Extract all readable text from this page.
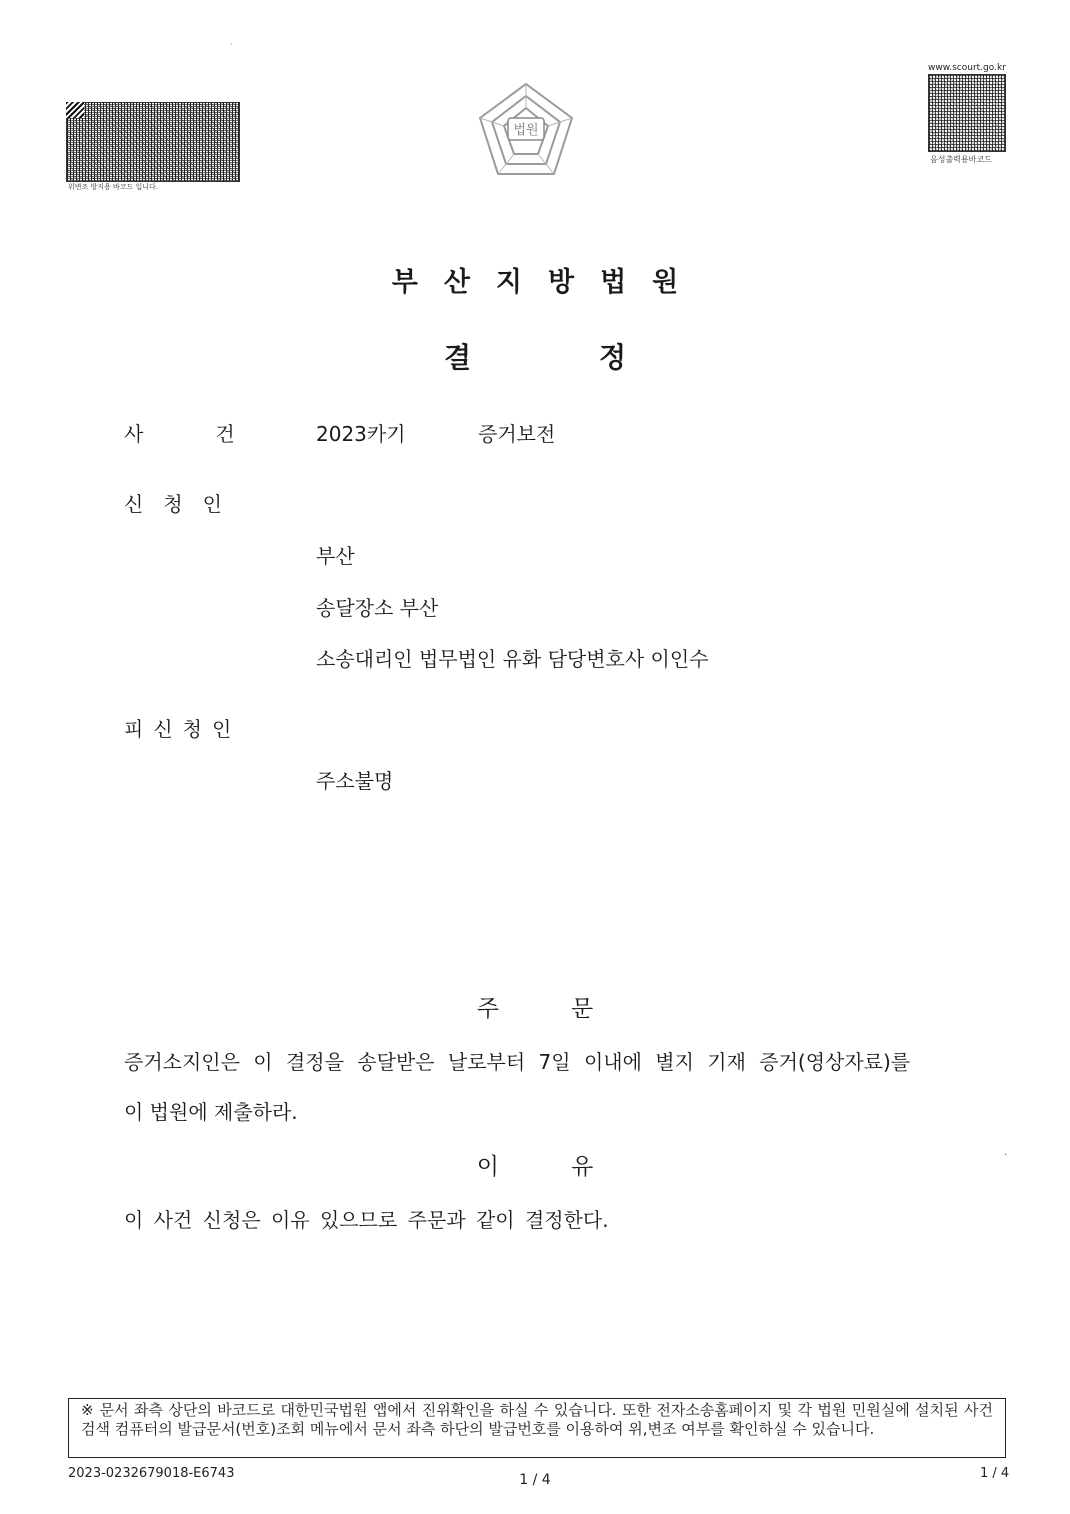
·
위변조 방지용 바코드 입니다.
법원
www.scourt.go.kr
음성출력용바코드
부산지방법원
결정
사건 2023카기	증거보전
신청인
부산
송달장소 부산
소송대리인 법무법인 유화 담당변호사 이인수
피신청인
주소불명
주문
증거소지인은 이 결정을 송달받은 날로부터 7일 이내에 별지 기재 증거(영상자료)를
이 법원에 제출하라.
이유
이 사건 신청은 이유 있으므로 주문과 같이 결정한다.
·
※ 문서 좌측 상단의 바코드로 대한민국법원 앱에서 진위확인을 하실 수 있습니다. 또한 전자소송홈페이지 및 각 법원 민원실에 설치된 사건검색 컴퓨터의 발급문서(번호)조회 메뉴에서 문서 좌측 하단의 발급번호를 이용하여 위,변조 여부를 확인하실 수 있습니다.
2023-0232679018-E6743	1 / 4	1 / 4
